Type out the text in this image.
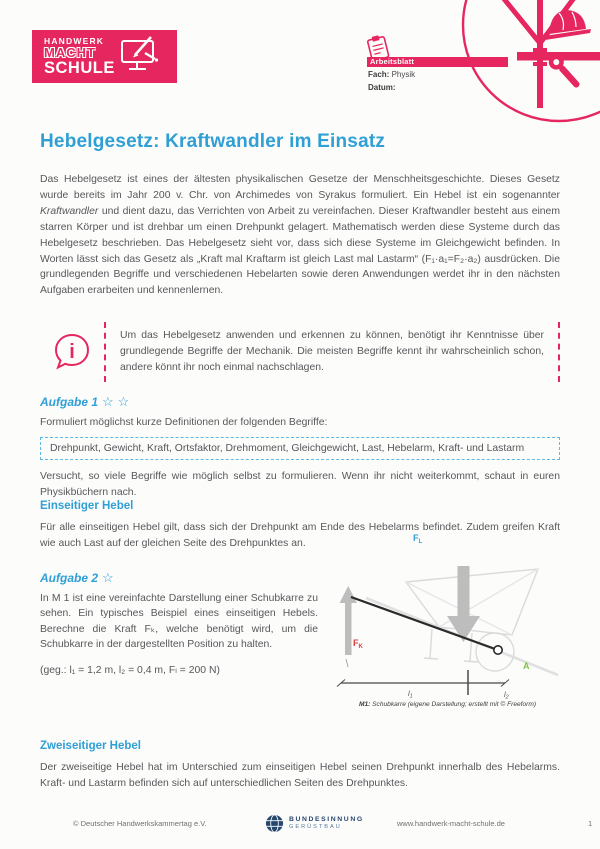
HANDWERK
MACHT
SCHULE	Arbeitsblatt
Fach: Physik
Datum:
Hebelgesetz: Kraftwandler im Einsatz

Das Hebelgesetz ist eines der ältesten physikalischen Gesetze der Menschheitsgeschichte. Dieses Gesetz wurde bereits im Jahr 200 v. Chr. von Archimedes von Syrakus formuliert. Ein Hebel ist ein sogenannter Kraftwandler und dient dazu, das Verrichten von Arbeit zu vereinfachen. Dieser Kraftwandler besteht aus einem starren Körper und ist drehbar um einen Drehpunkt gelagert. Mathematisch werden diese Systeme durch das Hebelgesetz beschrieben. Das Hebelgesetz sieht vor, dass sich diese Systeme im Gleichgewicht befinden. In Worten lässt sich das Gesetz als „Kraft mal Kraftarm ist gleich Last mal Lastarm“ (F₁·a₁=F₂·a₂) ausdrücken. Die grundlegenden Begriffe und verschiedenen Hebelarten sowie deren Anwendungen werdet ihr in den nächsten Aufgaben erarbeiten und kennenlernen.

i

Um das Hebelgesetz anwenden und erkennen zu können, benötigt ihr Kenntnisse über grundlegende Begriffe der Mechanik. Die meisten Begriffe kennt ihr wahrscheinlich schon, andere könnt ihr noch einmal nachschlagen.

Aufgabe 1 ☆ ☆

Formuliert möglichst kurze Definitionen der folgenden Begriffe:

Drehpunkt, Gewicht, Kraft, Ortsfaktor, Drehmoment, Gleichgewicht, Last, Hebelarm, Kraft- und Lastarm

Versucht, so viele Begriffe wie möglich selbst zu formulieren. Wenn ihr nicht weiterkommt, schaut in euren Physikbüchern nach.

Einseitiger Hebel

Für alle einseitigen Hebel gilt, dass sich der Drehpunkt am Ende des Hebelarms befindet. Zudem greifen Kraft wie auch Last auf der gleichen Seite des Drehpunktes an.

Aufgabe 2 ☆

In M 1 ist eine vereinfachte Darstellung einer Schubkarre zu sehen. Ein typisches Beispiel eines einseitigen Hebels. Berechne die Kraft Fₖ, welche benötigt wird, um die Schubkarre in der dargestellten Position zu halten.

(geg.: l₁ = 1,2 m, l₂ = 0,4 m, Fₗ = 200 N)

$F_L$
$F_K$
A
$l_1$	$l_2$
M1: Schubkarre (eigene Darstellung; erstellt mit © Freeform)
Zweiseitiger Hebel

Der zweiseitige Hebel hat im Unterschied zum einseitigen Hebel seinen Drehpunkt innerhalb des Hebelarms. Kraft- und Lastarm befinden sich auf unterschiedlichen Seiten des Drehpunktes.

© Deutscher Handwerkskammertag e.V.	BUNDESINNUNG
GERÜSTBAU	www.handwerk-macht-schule.de	1
